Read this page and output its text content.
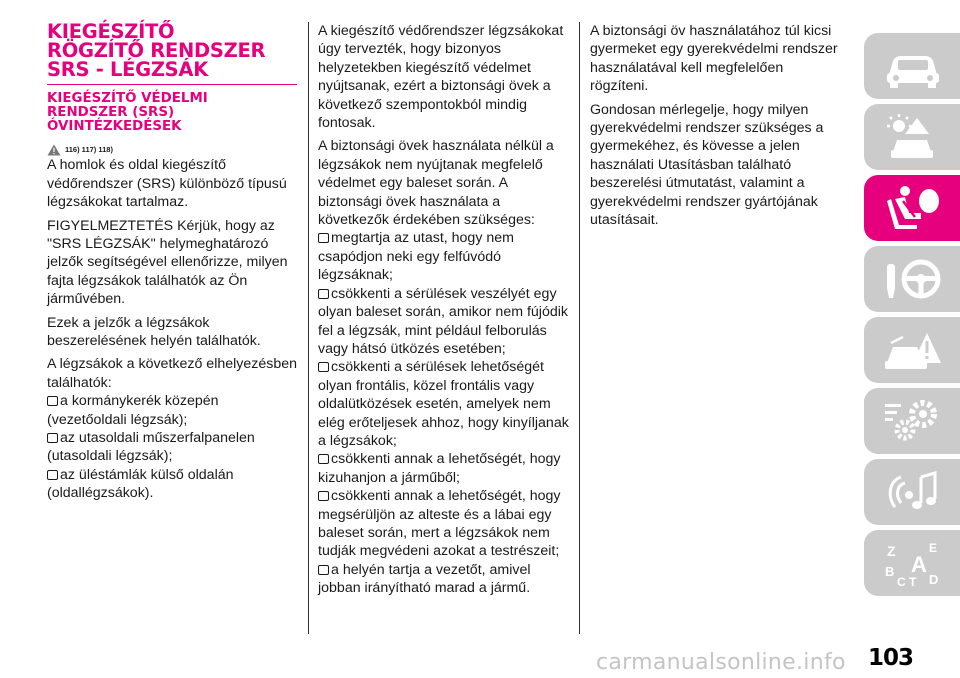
KIEGÉSZÍTŐ
RÖGZÍTŐ RENDSZER
SRS - LÉGZSÁK
KIEGÉSZÍTŐ VÉDELMI
RENDSZER (SRS)
ÓVINTÉZKEDÉSEK
116) 117) 118)

A homlok és oldal kiegészítő védőrendszer (SRS) különböző típusú légzsákokat tartalmaz.

FIGYELMEZTETÉS Kérjük, hogy az "SRS LÉGZSÁK" helymeghatározó jelzők segítségével ellenőrizze, milyen fajta légzsákok találhatók az Ön járművében.

Ezek a jelzők a légzsákok beszerelésének helyén találhatók.

A légzsákok a következő elhelyezésben találhatók:

a kormánykerék közepén (vezetőoldali légzsák);
az utasoldali műszerfalpanelen (utasoldali légzsák);
az üléstámlák külső oldalán (oldallégzsákok).

A kiegészítő védőrendszer légzsákokat úgy tervezték, hogy bizonyos helyzetekben kiegészítő védelmet nyújtsanak, ezért a biztonsági övek a következő szempontokból mindig fontosak.

A biztonsági övek használata nélkül a légzsákok nem nyújtanak megfelelő védelmet egy baleset során. A biztonsági övek használata a következők érdekében szükséges:

megtartja az utast, hogy nem csapódjon neki egy felfúvódó légzsáknak;
csökkenti a sérülések veszélyét egy olyan baleset során, amikor nem fújódik fel a légzsák, mint például felborulás vagy hátsó ütközés esetében;
csökkenti a sérülések lehetőségét olyan frontális, közel frontális vagy oldalütközések esetén, amelyek nem elég erőteljesek ahhoz, hogy kinyíljanak a légzsákok;
csökkenti annak a lehetőségét, hogy kizuhanjon a járműből;
csökkenti annak a lehetőségét, hogy megsérüljön az alteste és a lábai egy baleset során, mert a légzsákok nem tudják megvédeni azokat a testrészeit;
a helyén tartja a vezetőt, amivel jobban irányítható marad a jármű.

A biztonsági öv használatához túl kicsi gyermeket egy gyerekvédelmi rendszer használatával kell megfelelően rögzíteni.

Gondosan mérlegelje, hogy milyen gyerekvédelmi rendszer szükséges a gyermekéhez, és kövesse a jelen használati Utasításban található beszerelési útmutatást, valamint a gyerekvédelmi rendszer gyártójának utasításait.

Z	E
A
B
C T D
carmanualsonline.info 103
